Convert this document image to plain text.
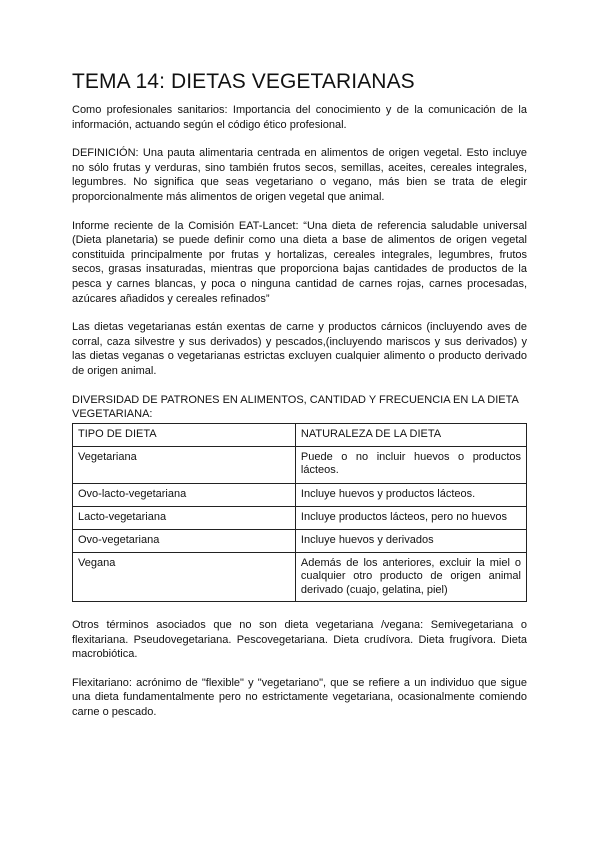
TEMA 14: DIETAS VEGETARIANAS

Como profesionales sanitarios: Importancia del conocimiento y de la comunicación de la información, actuando según el código ético profesional.

DEFINICIÓN: Una pauta alimentaria centrada en alimentos de origen vegetal. Esto incluye no sólo frutas y verduras, sino también frutos secos, semillas, aceites, cereales integrales, legumbres. No significa que seas vegetariano o vegano, más bien se trata de elegir proporcionalmente más alimentos de origen vegetal que animal.

Informe reciente de la Comisión EAT-Lancet: “Una dieta de referencia saludable universal (Dieta planetaria) se puede definir como una dieta a base de alimentos de origen vegetal constituida principalmente por frutas y hortalizas, cereales integrales, legumbres, frutos secos, grasas insaturadas, mientras que proporciona bajas cantidades de productos de la pesca y carnes blancas, y poca o ninguna cantidad de carnes rojas, carnes procesadas, azúcares añadidos y cereales refinados”

Las dietas vegetarianas están exentas de carne y productos cárnicos (incluyendo aves de corral, caza silvestre y sus derivados) y pescados,(incluyendo mariscos y sus derivados) y las dietas veganas o vegetarianas estrictas excluyen cualquier alimento o producto derivado de origen animal.

DIVERSIDAD DE PATRONES EN ALIMENTOS, CANTIDAD Y FRECUENCIA EN LA DIETA VEGETARIANA:

TIPO DE DIETA	NATURALEZA DE LA DIETA
Vegetariana	Puede o no incluir huevos o productos lácteos.
Ovo-lacto-vegetariana	Incluye huevos y productos lácteos.
Lacto-vegetariana	Incluye productos lácteos, pero no huevos
Ovo-vegetariana	Incluye huevos y derivados
Vegana	Además de los anteriores, excluir la miel o cualquier otro producto de origen animal derivado (cuajo, gelatina, piel)

Otros términos asociados que no son dieta vegetariana /vegana: Semivegetariana o flexitariana. Pseudovegetariana. Pescovegetariana. Dieta crudívora. Dieta frugívora. Dieta macrobiótica.

Flexitariano: acrónimo de "flexible" y "vegetariano", que se refiere a un individuo que sigue una dieta fundamentalmente pero no estrictamente vegetariana, ocasionalmente comiendo carne o pescado.
